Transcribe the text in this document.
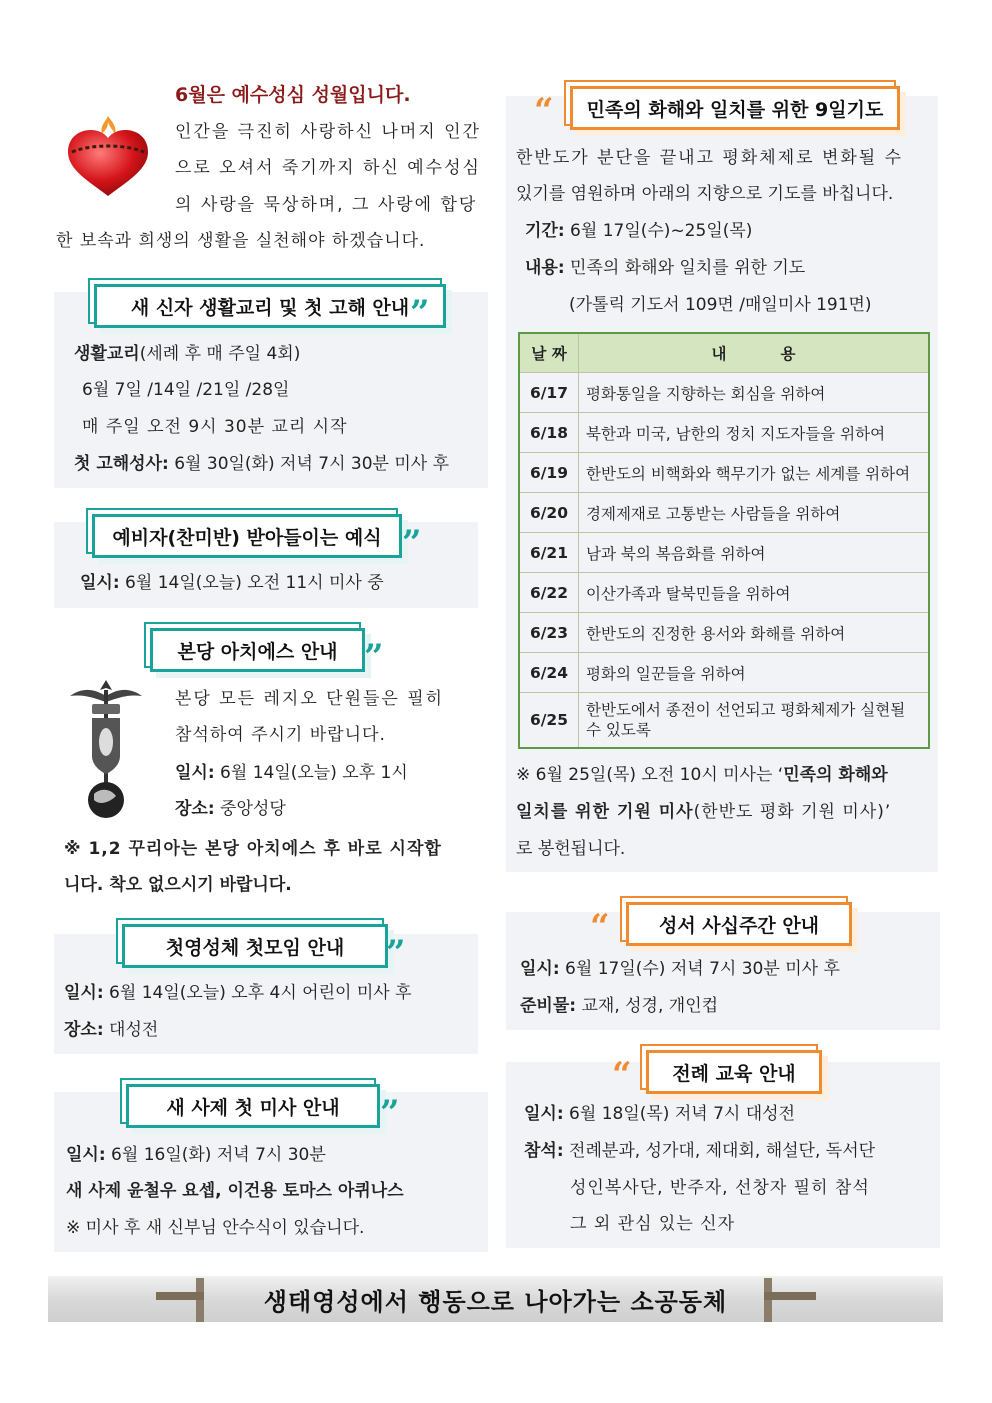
6월은 예수성심 성월입니다.
인간을 극진히 사랑하신 나머지 인간
으로 오셔서 죽기까지 하신 예수성심
의 사랑을 묵상하며, 그 사랑에 합당
한 보속과 희생의 생활을 실천해야 하겠습니다.
새 신자 생활교리 및 첫 고해 안내 ”
생활교리(세례 후 매 주일 4회)
6월 7일 /14일 /21일 /28일
매 주일 오전 9시 30분 교리 시작
첫 고해성사: 6월 30일(화) 저녁 7시 30분 미사 후
예비자(찬미반) 받아들이는 예식 ”
일시: 6월 14일(오늘) 오전 11시 미사 중
본당 아치에스 안내 ”
본당 모든 레지오 단원들은 필히
참석하여 주시기 바랍니다.
일시: 6월 14일(오늘) 오후 1시
장소: 중앙성당
※ 1,2 꾸리아는 본당 아치에스 후 바로 시작합
니다. 착오 없으시기 바랍니다.
첫영성체 첫모임 안내 ”
일시: 6월 14일(오늘) 오후 4시 어린이 미사 후
장소: 대성전
새 사제 첫 미사 안내 ”
일시: 6월 16일(화) 저녁 7시 30분
새 사제 윤철우 요셉, 이건용 토마스 아퀴나스
※ 미사 후 새 신부님 안수식이 있습니다.
민족의 화해와 일치를 위한 9일기도
“
한반도가 분단을 끝내고 평화체제로 변화될 수
있기를 염원하며 아래의 지향으로 기도를 바칩니다.
기간: 6월 17일(수)~25일(목)
내용: 민족의 화해와 일치를 위한 기도
(가톨릭 기도서 109면 /매일미사 191면)
날 짜	내          용
6/17	평화통일을 지향하는 회심을 위하여
6/18	북한과 미국, 남한의 정치 지도자들을 위하여
6/19	한반도의 비핵화와 핵무기가 없는 세계를 위하여
6/20	경제제재로 고통받는 사람들을 위하여
6/21	남과 북의 복음화를 위하여
6/22	이산가족과 탈북민들을 위하여
6/23	한반도의 진정한 용서와 화해를 위하여
6/24	평화의 일꾼들을 위하여
6/25	한반도에서 종전이 선언되고 평화체제가 실현될 수 있도록
※ 6월 25일(목) 오전 10시 미사는 ‘민족의 화해와
일치를 위한 기원 미사(한반도 평화 기원 미사)’
로 봉헌됩니다.
성서 사십주간 안내
“
일시: 6월 17일(수) 저녁 7시 30분 미사 후
준비물: 교재, 성경, 개인컵
전례 교육 안내
“
일시: 6월 18일(목) 저녁 7시 대성전
참석: 전례분과, 성가대, 제대회, 해설단, 독서단
성인복사단, 반주자, 선창자 필히 참석
그 외 관심 있는 신자
생태영성에서 행동으로 나아가는 소공동체
